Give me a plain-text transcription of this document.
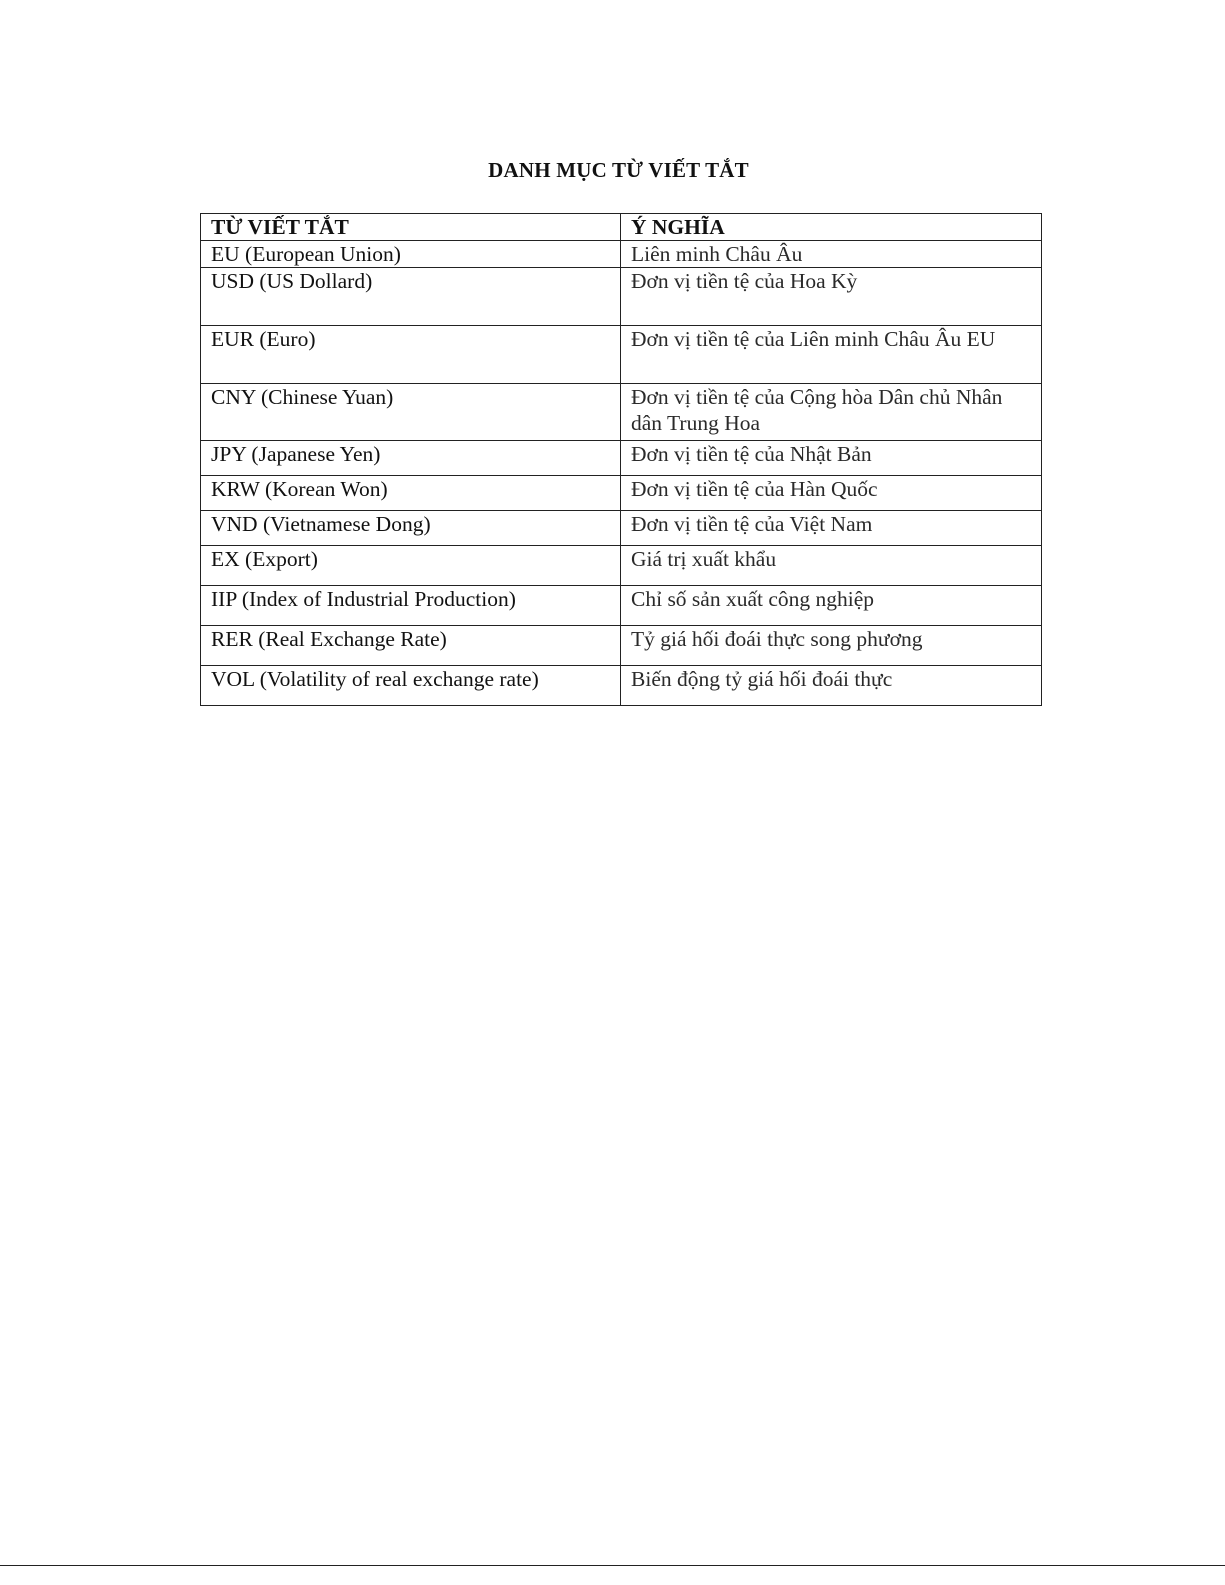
DANH MỤC TỪ VIẾT TẮT
TỪ VIẾT TẮT	Ý NGHĨA
EU (European Union)	Liên minh Châu Âu
USD (US Dollard)	Đơn vị tiền tệ của Hoa Kỳ
EUR (Euro)	Đơn vị tiền tệ của Liên minh Châu Âu EU
CNY (Chinese Yuan)	Đơn vị tiền tệ của Cộng hòa Dân chủ Nhân dân Trung Hoa
JPY (Japanese Yen)	Đơn vị tiền tệ của Nhật Bản
KRW (Korean Won)	Đơn vị tiền tệ của Hàn Quốc
VND (Vietnamese Dong)	Đơn vị tiền tệ của Việt Nam
EX (Export)	Giá trị xuất khẩu
IIP (Index of Industrial Production)	Chỉ số sản xuất công nghiệp
RER (Real Exchange Rate)	Tỷ giá hối đoái thực song phương
VOL (Volatility of real exchange rate)	Biến động tỷ giá hối đoái thực
